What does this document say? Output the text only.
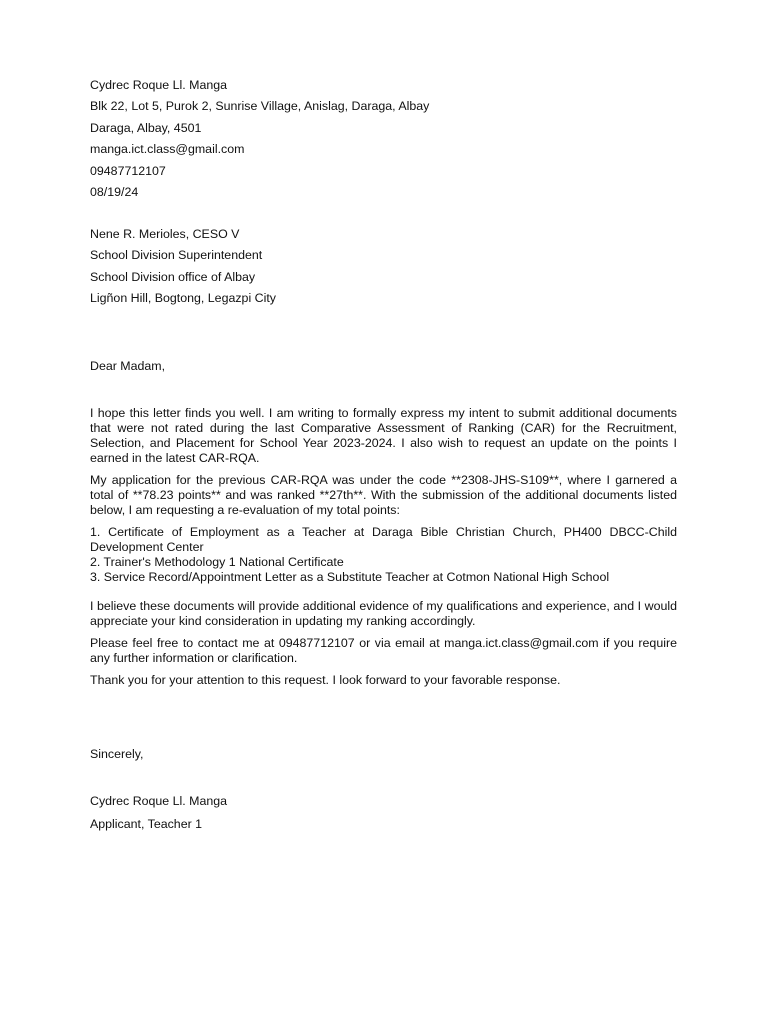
Cydrec Roque Ll. Manga

Blk 22, Lot 5, Purok 2, Sunrise Village, Anislag, Daraga, Albay

Daraga, Albay, 4501

manga.ict.class@gmail.com

09487712107

08/19/24

Nene R. Merioles, CESO V

School Division Superintendent

School Division office of Albay

Ligñon Hill, Bogtong, Legazpi City

Dear Madam,

I hope this letter finds you well. I am writing to formally express my intent to submit additional documents that were not rated during the last Comparative Assessment of Ranking (CAR) for the Recruitment, Selection, and Placement for School Year 2023-2024. I also wish to request an update on the points I earned in the latest CAR-RQA.

My application for the previous CAR-RQA was under the code **2308-JHS-S109**, where I garnered a total of **78.23 points** and was ranked **27th**. With the submission of the additional documents listed below, I am requesting a re-evaluation of my total points:

1. Certificate of Employment as a Teacher at Daraga Bible Christian Church, PH400 DBCC-Child Development Center

2. Trainer's Methodology 1 National Certificate

3. Service Record/Appointment Letter as a Substitute Teacher at Cotmon National High School

I believe these documents will provide additional evidence of my qualifications and experience, and I would appreciate your kind consideration in updating my ranking accordingly.

Please feel free to contact me at 09487712107 or via email at manga.ict.class@gmail.com if you require any further information or clarification.

Thank you for your attention to this request. I look forward to your favorable response.

Sincerely,

Cydrec Roque Ll. Manga

Applicant, Teacher 1
